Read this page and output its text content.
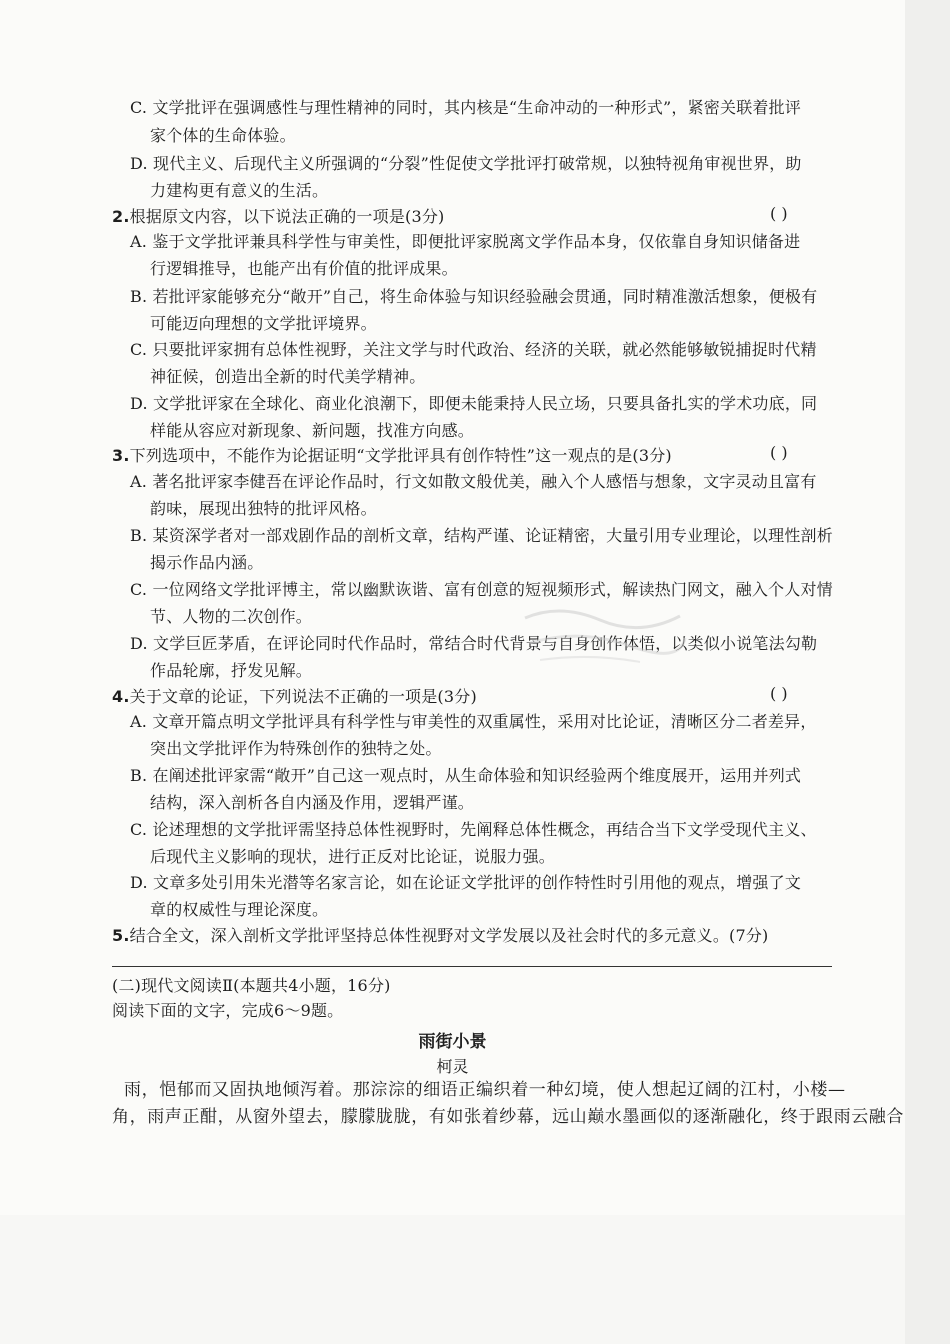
C. 文学批评在强调感性与理性精神的同时，其内核是“生命冲动的一种形式”，紧密关联着批评
家个体的生命体验。
D. 现代主义、后现代主义所强调的“分裂”性促使文学批评打破常规，以独特视角审视世界，助
力建构更有意义的生活。
2.根据原文内容，以下说法正确的一项是(3分)	( )
A. 鉴于文学批评兼具科学性与审美性，即便批评家脱离文学作品本身，仅依靠自身知识储备进
行逻辑推导，也能产出有价值的批评成果。
B. 若批评家能够充分“敞开”自己，将生命体验与知识经验融会贯通，同时精准激活想象，便极有
可能迈向理想的文学批评境界。
C. 只要批评家拥有总体性视野，关注文学与时代政治、经济的关联，就必然能够敏锐捕捉时代精
神征候，创造出全新的时代美学精神。
D. 文学批评家在全球化、商业化浪潮下，即便未能秉持人民立场，只要具备扎实的学术功底，同
样能从容应对新现象、新问题，找准方向感。
3.下列选项中，不能作为论据证明“文学批评具有创作特性”这一观点的是(3分)	( )
A. 著名批评家李健吾在评论作品时，行文如散文般优美，融入个人感悟与想象，文字灵动且富有
韵味，展现出独特的批评风格。
B. 某资深学者对一部戏剧作品的剖析文章，结构严谨、论证精密，大量引用专业理论，以理性剖析
揭示作品内涵。
C. 一位网络文学批评博主，常以幽默诙谐、富有创意的短视频形式，解读热门网文，融入个人对情
节、人物的二次创作。
D. 文学巨匠茅盾，在评论同时代作品时，常结合时代背景与自身创作体悟，以类似小说笔法勾勒
作品轮廓，抒发见解。
4.关于文章的论证，下列说法不正确的一项是(3分)	( )
A. 文章开篇点明文学批评具有科学性与审美性的双重属性，采用对比论证，清晰区分二者差异，
突出文学批评作为特殊创作的独特之处。
B. 在阐述批评家需“敞开”自己这一观点时，从生命体验和知识经验两个维度展开，运用并列式
结构，深入剖析各自内涵及作用，逻辑严谨。
C. 论述理想的文学批评需坚持总体性视野时，先阐释总体性概念，再结合当下文学受现代主义、
后现代主义影响的现状，进行正反对比论证，说服力强。
D. 文章多处引用朱光潜等名家言论，如在论证文学批评的创作特性时引用他的观点，增强了文
章的权威性与理论深度。
5.结合全文，深入剖析文学批评坚持总体性视野对文学发展以及社会时代的多元意义。(7分)
(二)现代文阅读Ⅱ(本题共4小题，16分)
阅读下面的文字，完成6～9题。
雨街小景
柯灵
雨，悒郁而又固执地倾泻着。那淙淙的细语正编织着一种幻境，使人想起辽阔的江村，小楼—
角，雨声正酣，从窗外望去，朦朦胧胧，有如张着纱幕，远山巅水墨画似的逐渐融化，终于跟雨云融合
